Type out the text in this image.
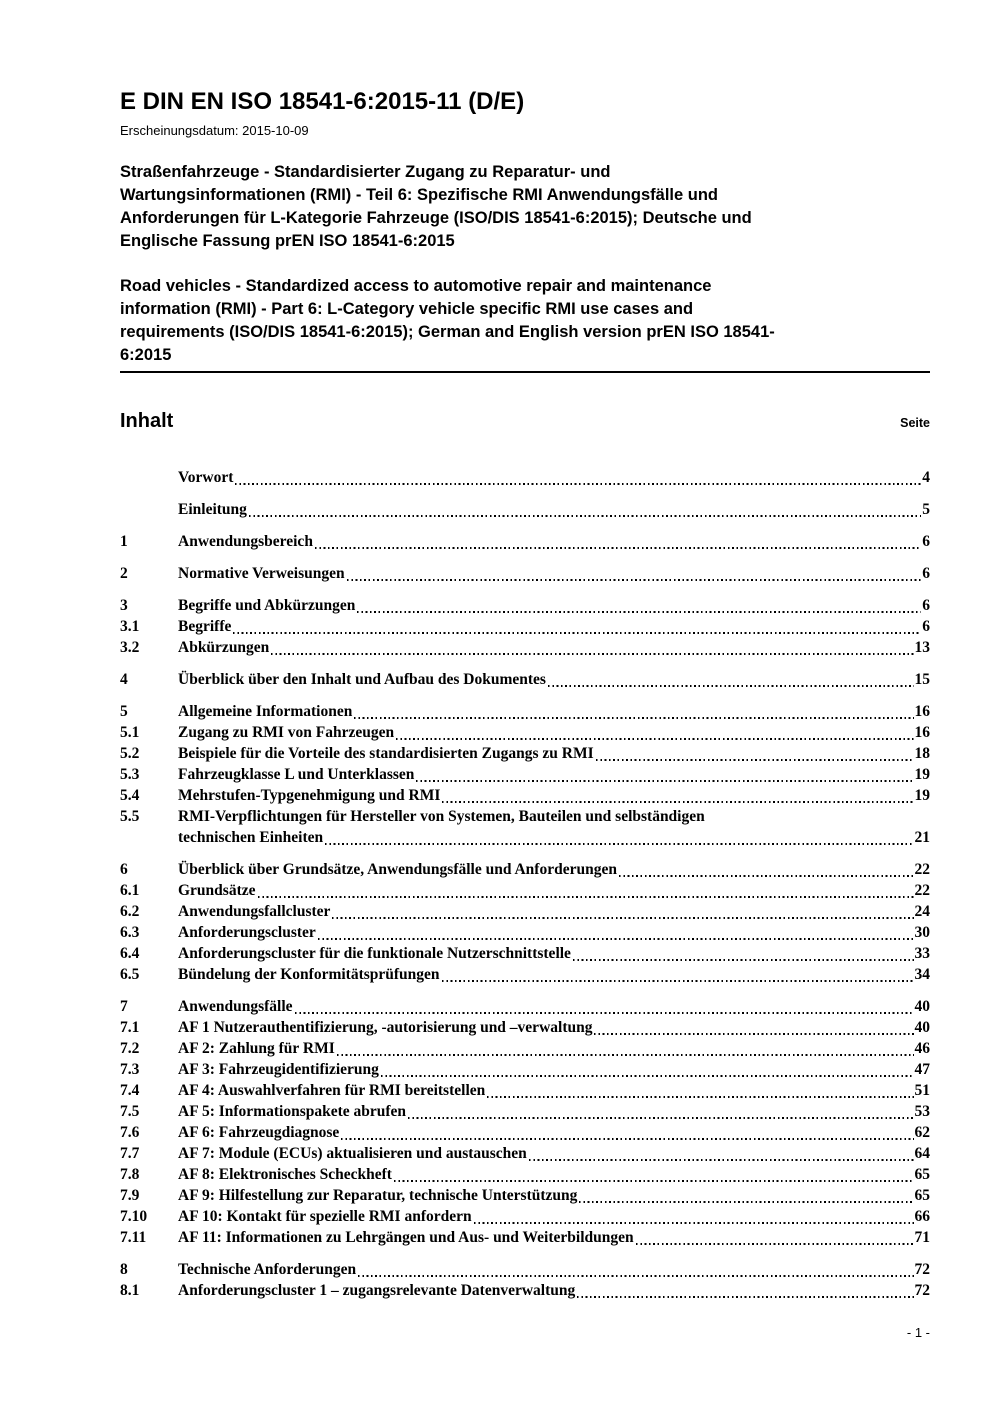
E DIN EN ISO 18541-6:2015-11 (D/E)
Erscheinungsdatum: 2015-10-09
Straßenfahrzeuge - Standardisierter Zugang zu Reparatur- und
Wartungsinformationen (RMI) - Teil 6: Spezifische RMI Anwendungsfälle und
Anforderungen für L-Kategorie Fahrzeuge (ISO/DIS 18541-6:2015); Deutsche und
Englische Fassung prEN ISO 18541-6:2015
Road vehicles - Standardized access to automotive repair and maintenance
information (RMI) - Part 6: L-Category vehicle specific RMI use cases and
requirements (ISO/DIS 18541-6:2015); German and English version prEN ISO 18541-
6:2015
Inhalt	Seite
Vorwort	4
Einleitung	5
1	Anwendungsbereich	6
2	Normative Verweisungen	6
3	Begriffe und Abkürzungen	6
3.1	Begriffe	6
3.2	Abkürzungen	13
4	Überblick über den Inhalt und Aufbau des Dokumentes	15
5	Allgemeine Informationen	16
5.1	Zugang zu RMI von Fahrzeugen	16
5.2	Beispiele für die Vorteile des standardisierten Zugangs zu RMI	18
5.3	Fahrzeugklasse L und Unterklassen	19
5.4	Mehrstufen-Typgenehmigung und RMI	19
5.5	RMI-Verpflichtungen für Hersteller von Systemen, Bauteilen und selbständigen
technischen Einheiten	21
6	Überblick über Grundsätze, Anwendungsfälle und Anforderungen	22
6.1	Grundsätze	22
6.2	Anwendungsfallcluster	24
6.3	Anforderungscluster	30
6.4	Anforderungscluster für die funktionale Nutzerschnittstelle	33
6.5	Bündelung der Konformitätsprüfungen	34
7	Anwendungsfälle	40
7.1	AF 1 Nutzerauthentifizierung, -autorisierung und –verwaltung	40
7.2	AF 2: Zahlung für RMI	46
7.3	AF 3: Fahrzeugidentifizierung	47
7.4	AF 4: Auswahlverfahren für RMI bereitstellen	51
7.5	AF 5: Informationspakete abrufen	53
7.6	AF 6: Fahrzeugdiagnose	62
7.7	AF 7: Module (ECUs) aktualisieren und austauschen	64
7.8	AF 8: Elektronisches Scheckheft	65
7.9	AF 9: Hilfestellung zur Reparatur, technische Unterstützung	65
7.10	AF 10: Kontakt für spezielle RMI anfordern	66
7.11	AF 11: Informationen zu Lehrgängen und Aus- und Weiterbildungen	71
8	Technische Anforderungen	72
8.1	Anforderungscluster 1 – zugangsrelevante Datenverwaltung	72
- 1 -
